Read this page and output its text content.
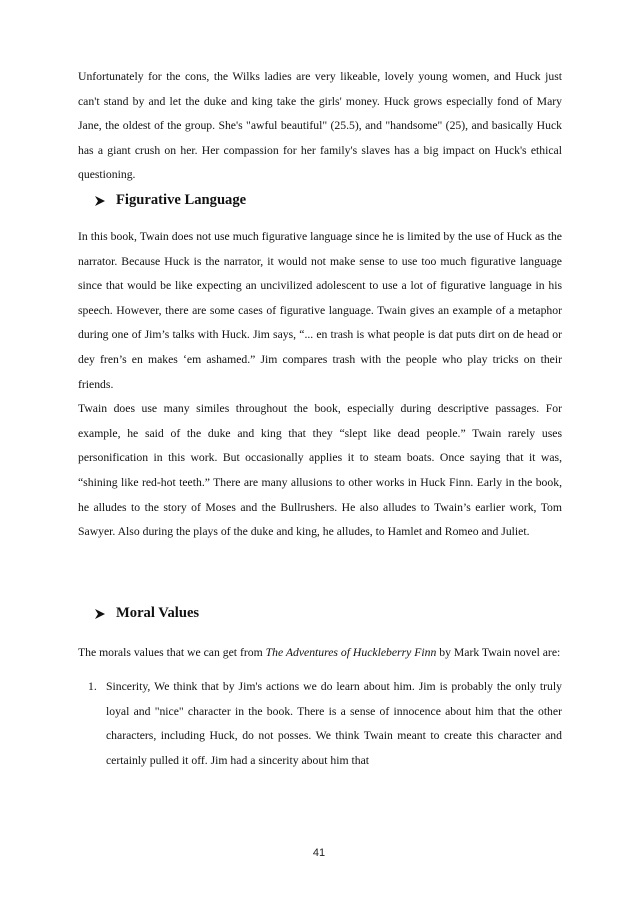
Unfortunately for the cons, the Wilks ladies are very likeable, lovely young women, and Huck just can't stand by and let the duke and king take the girls' money. Huck grows especially fond of Mary Jane, the oldest of the group. She's "awful beautiful" (25.5), and "handsome" (25), and basically Huck has a giant crush on her. Her compassion for her family's slaves has a big impact on Huck's ethical questioning.

Figurative Language

In this book, Twain does not use much figurative language since he is limited by the use of Huck as the narrator. Because Huck is the narrator, it would not make sense to use too much figurative language since that would be like expecting an uncivilized adolescent to use a lot of figurative language in his speech. However, there are some cases of figurative language. Twain gives an example of a metaphor during one of Jim’s talks with Huck. Jim says, “... en trash is what people is dat puts dirt on de head or dey fren’s en makes ‘em ashamed.” Jim compares trash with the people who play tricks on their friends.

Twain does use many similes throughout the book, especially during descriptive passages. For example, he said of the duke and king that they “slept like dead people.” Twain rarely uses personification in this work. But occasionally applies it to steam boats. Once saying that it was, “shining like red-hot teeth.” There are many allusions to other works in Huck Finn. Early in the book, he alludes to the story of Moses and the Bullrushers. He also alludes to Twain’s earlier work, Tom Sawyer. Also during the plays of the duke and king, he alludes, to Hamlet and Romeo and Juliet.

Moral Values

The morals values that we can get from The Adventures of Huckleberry Finn by Mark Twain novel are:

1. Sincerity, We think that by Jim's actions we do learn about him. Jim is probably the only truly loyal and "nice" character in the book. There is a sense of innocence about him that the other characters, including Huck, do not posses. We think Twain meant to create this character and certainly pulled it off. Jim had a sincerity about him that
41
